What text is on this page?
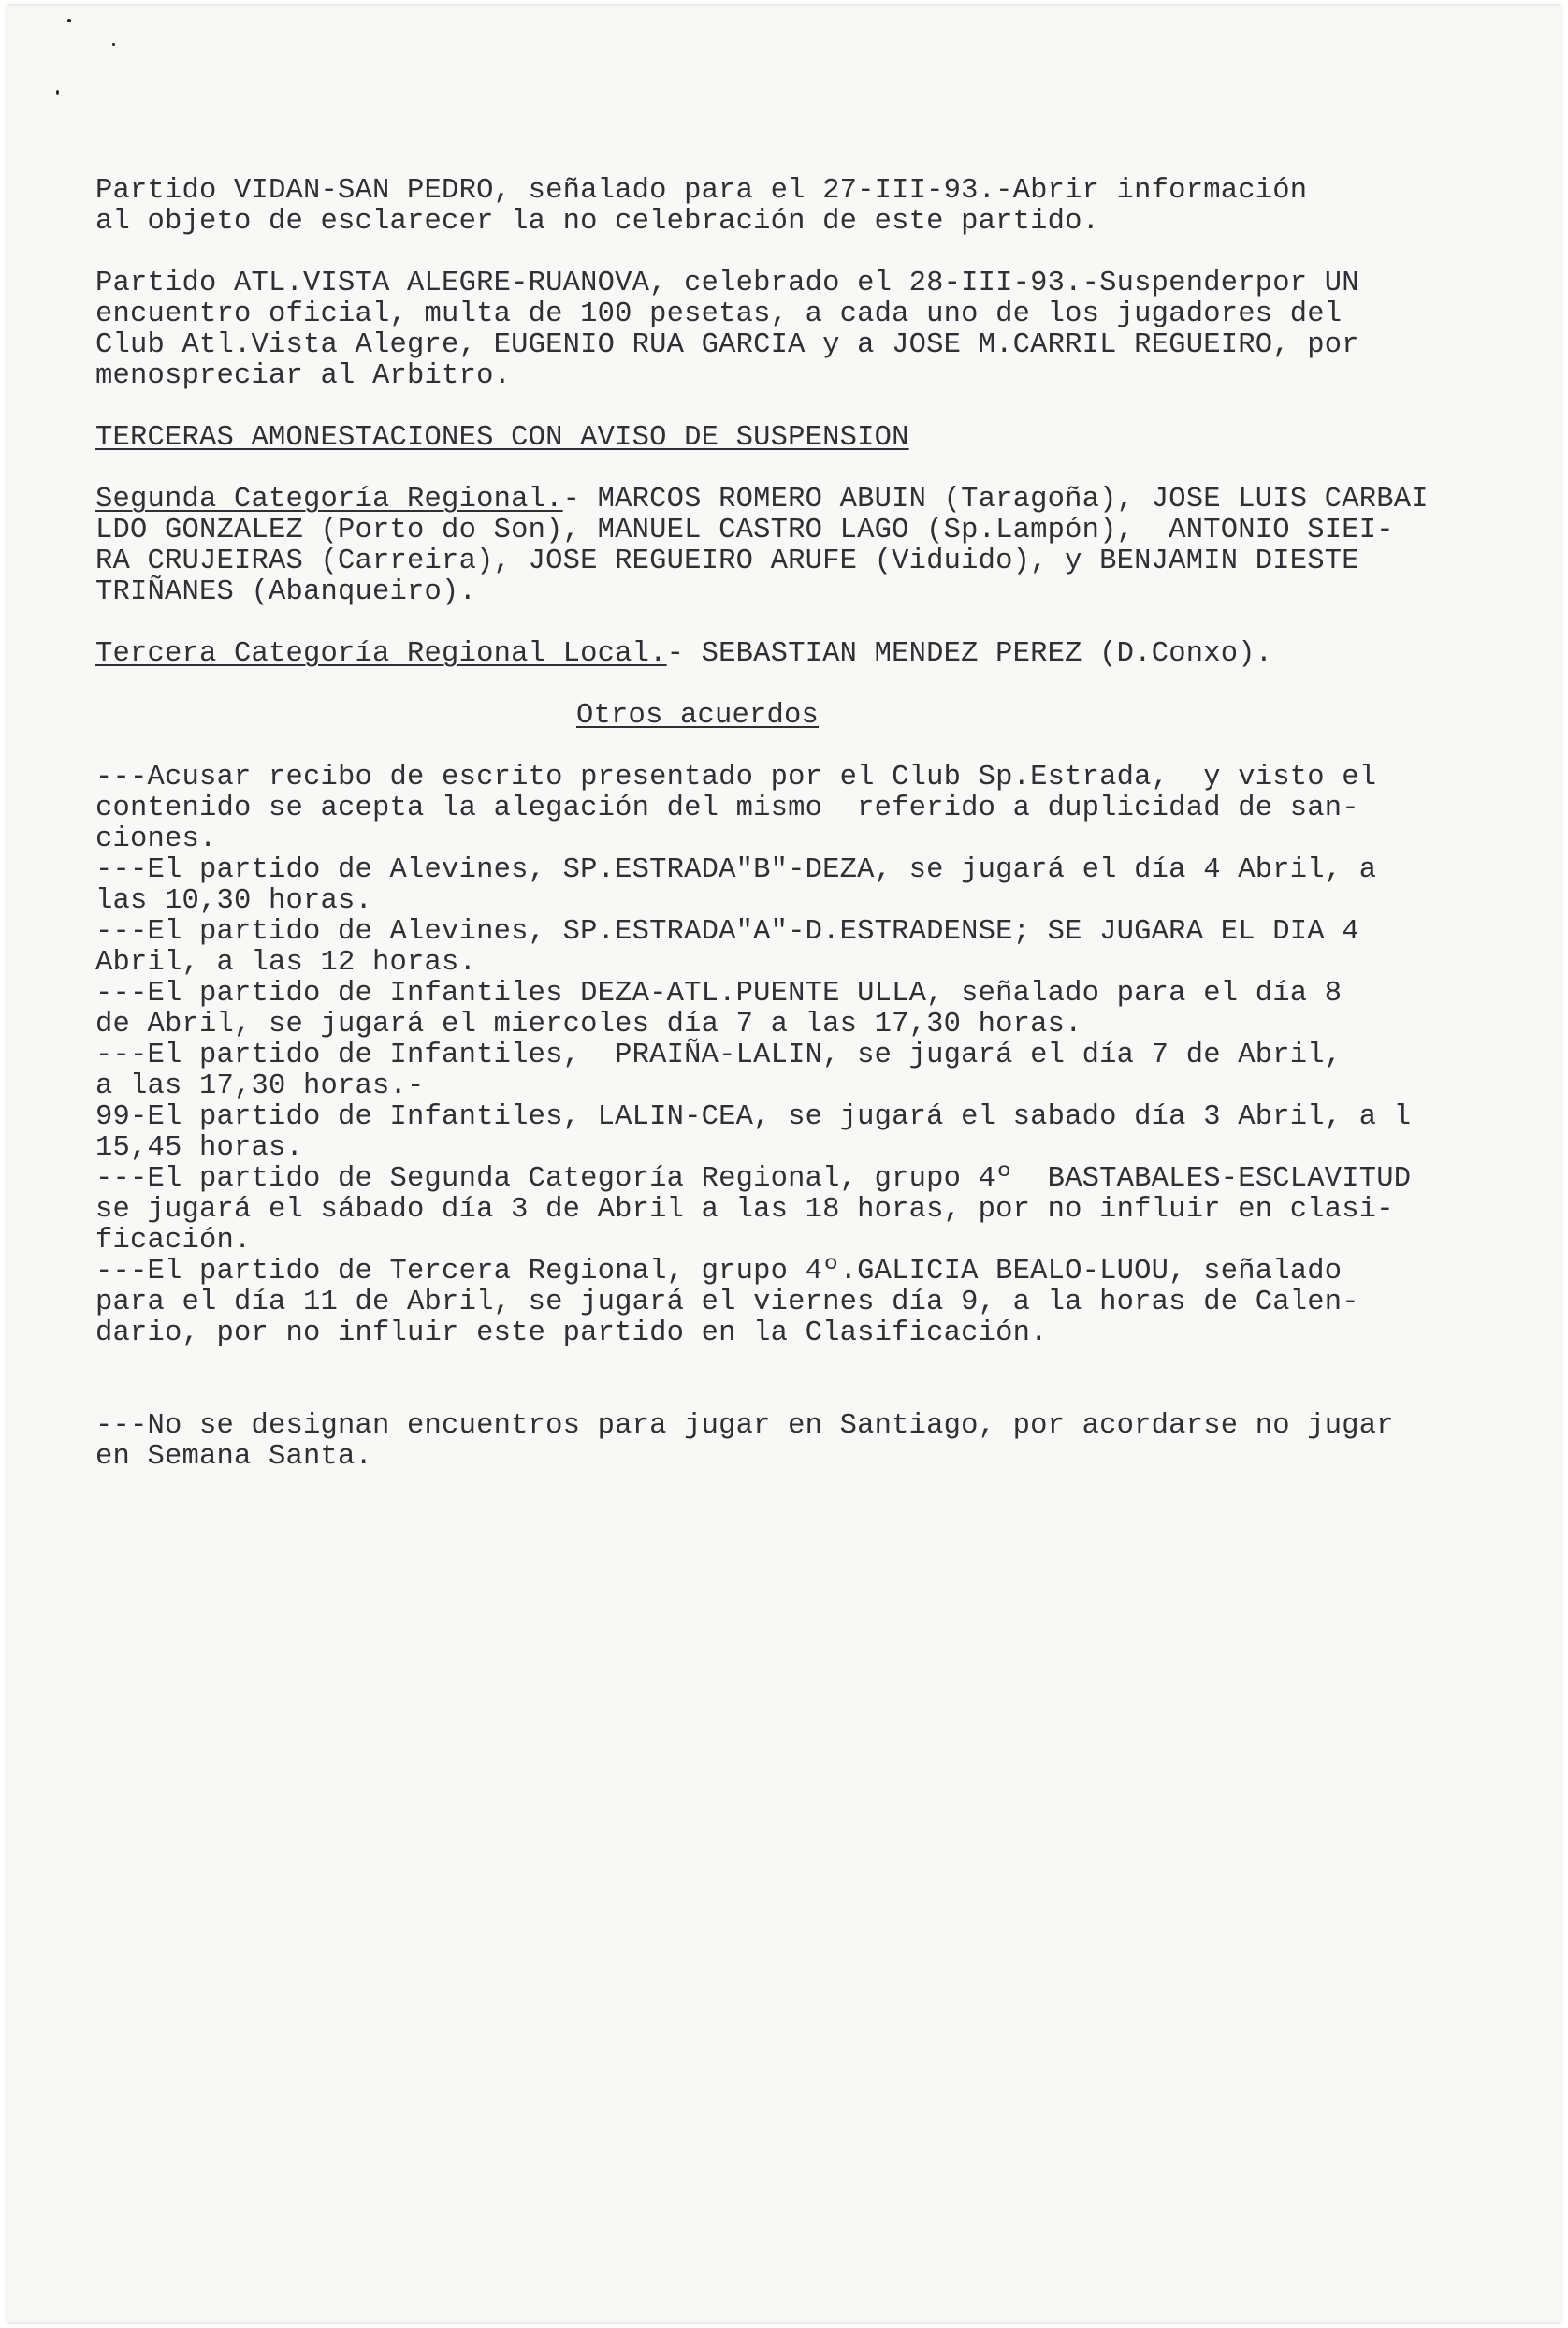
Partido VIDAN-SAN PEDRO, señalado para el 27-III-93.-Abrir información
al objeto de esclarecer la no celebración de este partido.
Partido ATL.VISTA ALEGRE-RUANOVA, celebrado el 28-III-93.-Suspenderpor UN
encuentro oficial, multa de 100 pesetas, a cada uno de los jugadores del
Club Atl.Vista Alegre, EUGENIO RUA GARCIA y a JOSE M.CARRIL REGUEIRO, por
menospreciar al Arbitro.
TERCERAS AMONESTACIONES CON AVISO DE SUSPENSION
Segunda Categoría Regional.- MARCOS ROMERO ABUIN (Taragoña), JOSE LUIS CARBAI
LDO GONZALEZ (Porto do Son), MANUEL CASTRO LAGO (Sp.Lampón),  ANTONIO SIEI-
RA CRUJEIRAS (Carreira), JOSE REGUEIRO ARUFE (Viduido), y BENJAMIN DIESTE
TRIÑANES (Abanqueiro).
Tercera Categoría Regional Local.- SEBASTIAN MENDEZ PEREZ (D.Conxo).
Otros acuerdos
---Acusar recibo de escrito presentado por el Club Sp.Estrada,  y visto el
contenido se acepta la alegación del mismo  referido a duplicidad de san-
ciones.
---El partido de Alevines, SP.ESTRADA"B"-DEZA, se jugará el día 4 Abril, a
las 10,30 horas.
---El partido de Alevines, SP.ESTRADA"A"-D.ESTRADENSE; SE JUGARA EL DIA 4
Abril, a las 12 horas.
---El partido de Infantiles DEZA-ATL.PUENTE ULLA, señalado para el día 8
de Abril, se jugará el miercoles día 7 a las 17,30 horas.
---El partido de Infantiles,  PRAIÑA-LALIN, se jugará el día 7 de Abril,
a las 17,30 horas.-
99-El partido de Infantiles, LALIN-CEA, se jugará el sabado día 3 Abril, a l
15,45 horas.
---El partido de Segunda Categoría Regional, grupo 4º  BASTABALES-ESCLAVITUD
se jugará el sábado día 3 de Abril a las 18 horas, por no influir en clasi-
ficación.
---El partido de Tercera Regional, grupo 4º.GALICIA BEALO-LUOU, señalado
para el día 11 de Abril, se jugará el viernes día 9, a la horas de Calen-
dario, por no influir este partido en la Clasificación.
---No se designan encuentros para jugar en Santiago, por acordarse no jugar
en Semana Santa.
